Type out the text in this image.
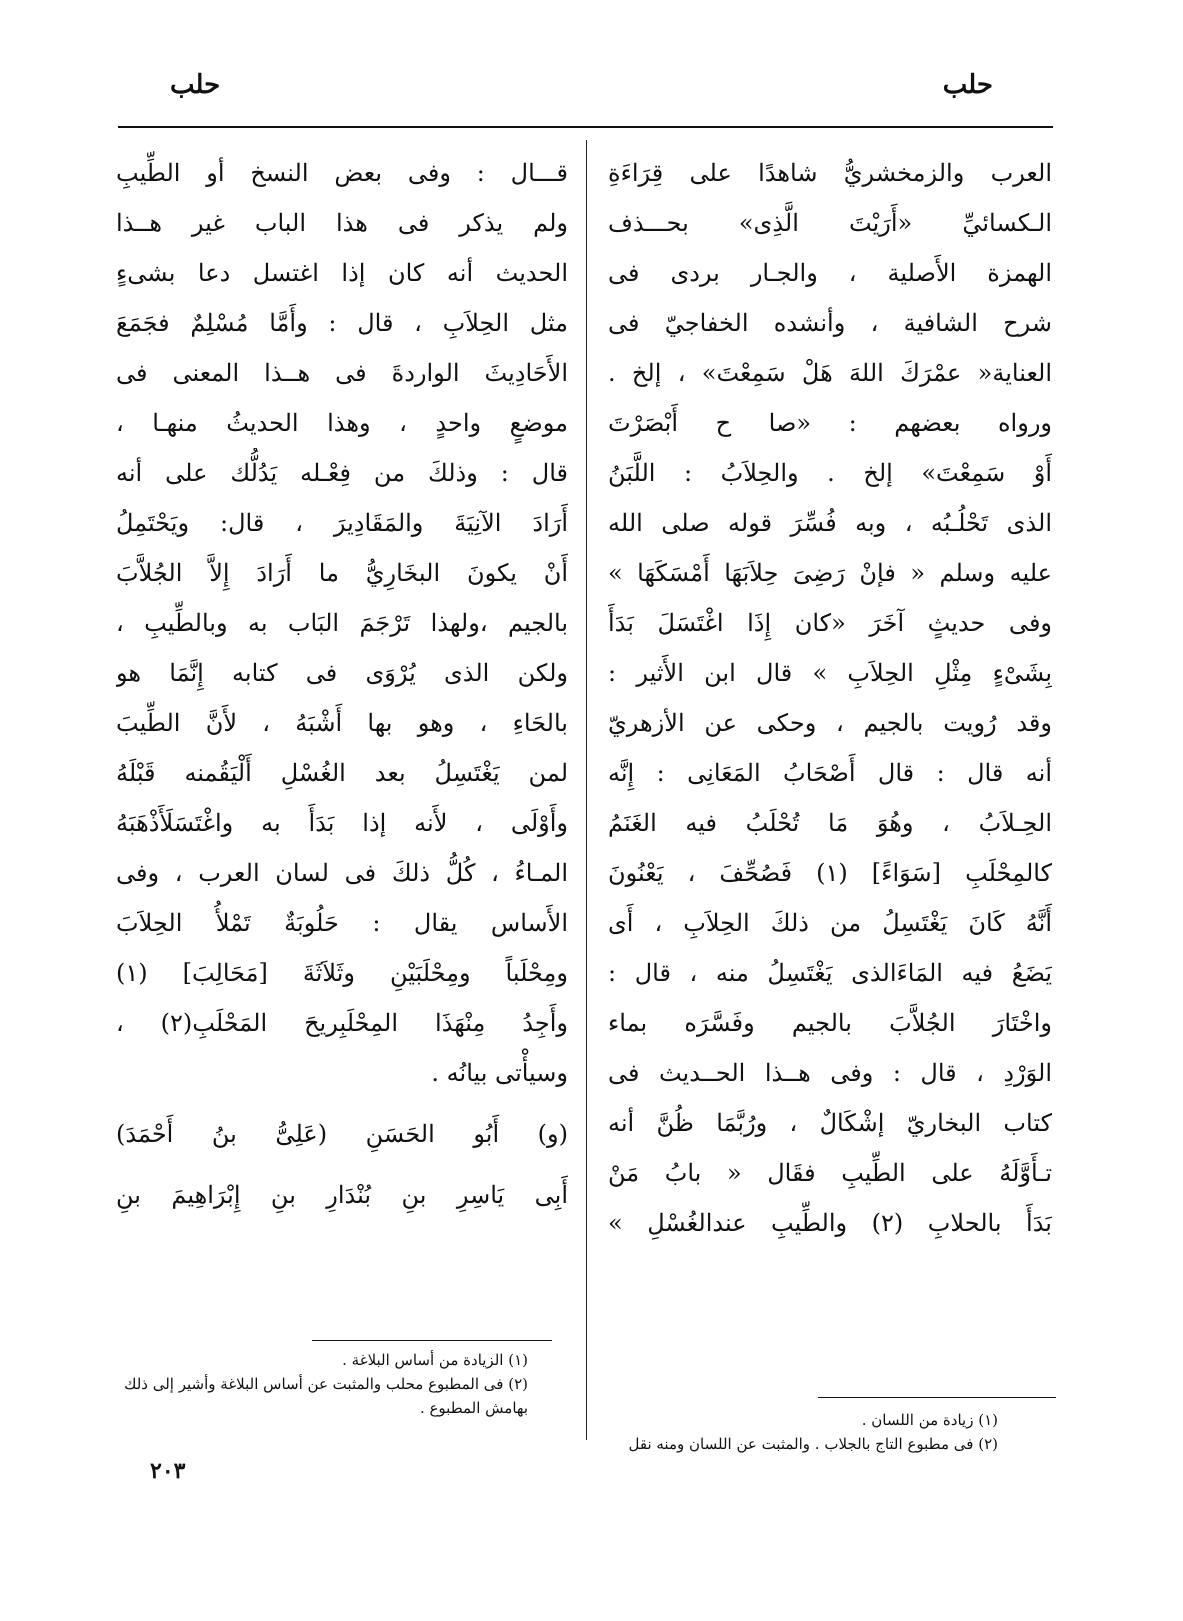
حلب
حلب
العرب والزمخشريُّ شاهدًا على قِرَاءَةِ
الـكسائيِّ «أَرَيْتَ الَّذِى» بحـــذف
الهمزة الأَصلية ، والجـار بردى فى
شرح الشافية ، وأنشده الخفاجيّ فى
العناية« عمْرَكَ اللهَ هَلْ سَمِعْتَ» ، إلخ .
ورواه بعضهم : «صا ح أَبْصَرْتَ
أَوْ سَمِعْتَ» إلخ . والحِلاَبُ : اللَّبَنُ
الذى تَحْلُـبُه ، وبه فُسِّرَ قوله صلى الله
عليه وسلم « فإنْ رَضِىَ حِلاَبَهَا أَمْسَكَهَا »
وفى حديثٍ آخَرَ «كان إِذَا اغْتَسَلَ بَدَأَ
بِشَىْءٍ مِثْلِ الحِلاَبِ » قال ابن الأَثير :
وقد رُويت بالجيم ، وحكى عن الأزهريّ
أنه قال : قال أَصْحَابُ المَعَانِى : إِنَّه
الحِـلاَبُ ، وهُوَ مَا تُحْلَبُ فيه الغَنَمُ
كالمِحْلَبِ [سَوَاءً] (١) فَصُحِّفَ ، يَعْنُونَ
أَنَّهُ كَانَ يَغْتَسِلُ من ذلكَ الحِلاَبِ ، أَى
يَضَعُ فيه المَاءَالذى يَغْتَسِلُ منه ، قال :
واخْتَارَ الجُلاَّبَ بالجيم وفَسَّرَه بماء
الوَرْدِ ، قال : وفى هــذا الحــديث فى
كتاب البخاريّ إشْكَالٌ ، ورُبَّمَا ظُنَّ أنه
تـأَوَّلَهُ على الطِّيبِ فقَال « بابُ مَنْ
بَدَأَ بالحلابِ (٢) والطِّيبِ عندالغُسْلِ »
قـــال : وفى بعض النسخ أو الطِّيبِ
ولم يذكر فى هذا الباب غير هــذا
الحديث أنه كان إذا اغتسل دعا بشىءٍ
مثل الحِلاَبِ ، قال : وأَمَّا مُسْلِمٌ فجَمَعَ
الأَحَادِيثَ الواردةَ فى هــذا المعنى فى
موضعٍ واحدٍ ، وهذا الحديثُ منهـا ،
قال : وذلكَ من فِعْـله يَدُلُّك على أنه
أَرَادَ الآنِيَةَ والمَقَادِيرَ ، قال: ويَحْتَمِلُ
أَنْ يكونَ البخَارِيُّ ما أَرَادَ إِلاَّ الجُلاَّبَ
بالجيم ،ولهذا تَرْجَمَ البَاب به وبالطِّيبِ ،
ولكن الذى يُرْوَى فى كتابه إِنَّمَا هو
بالحَاءِ ، وهو بها أَشْبَهُ ، لأَنَّ الطِّيبَ
لمن يَغْتَسِلُ بعد الغُسْلِ أَلْيَقُمنه قَبْلَهُ
وأَوْلَى ، لأَنه إذا بَدَأَ به واغْتَسَلَأَذْهَبَهُ
المـاءُ ، كُلُّ ذلكَ فى لسان العرب ، وفى
الأَساس يقال : حَلُوبَةٌ تَمْلأُ الحِلاَبَ
ومِحْلَباً ومِحْلَبَيْنِ وثَلاَثَةَ [مَحَالِبَ] (١)
وأَجِدُ مِنْهَذَا المِحْلَبِريحَ المَحْلَبِ(٢) ،
وسيأْتى بيانُه .
(و) أَبُو الحَسَنِ (عَلِىُّ بنُ أَحْمَدَ)
أَبِى يَاسِرِ بنِ بُنْدَارِ بنِ إِبْرَاهِيمَ بنِ
(١) الزيادة من أساس البلاغة .
(٢) فى المطبوع محلب والمثبت عن أساس البلاغة وأشير إلى ذلك بهامش المطبوع .
(١) زيادة من اللسان .
(٢) فى مطبوع التاج بالجلاب . والمثبت عن اللسان ومنه نقل
٢٠٣
